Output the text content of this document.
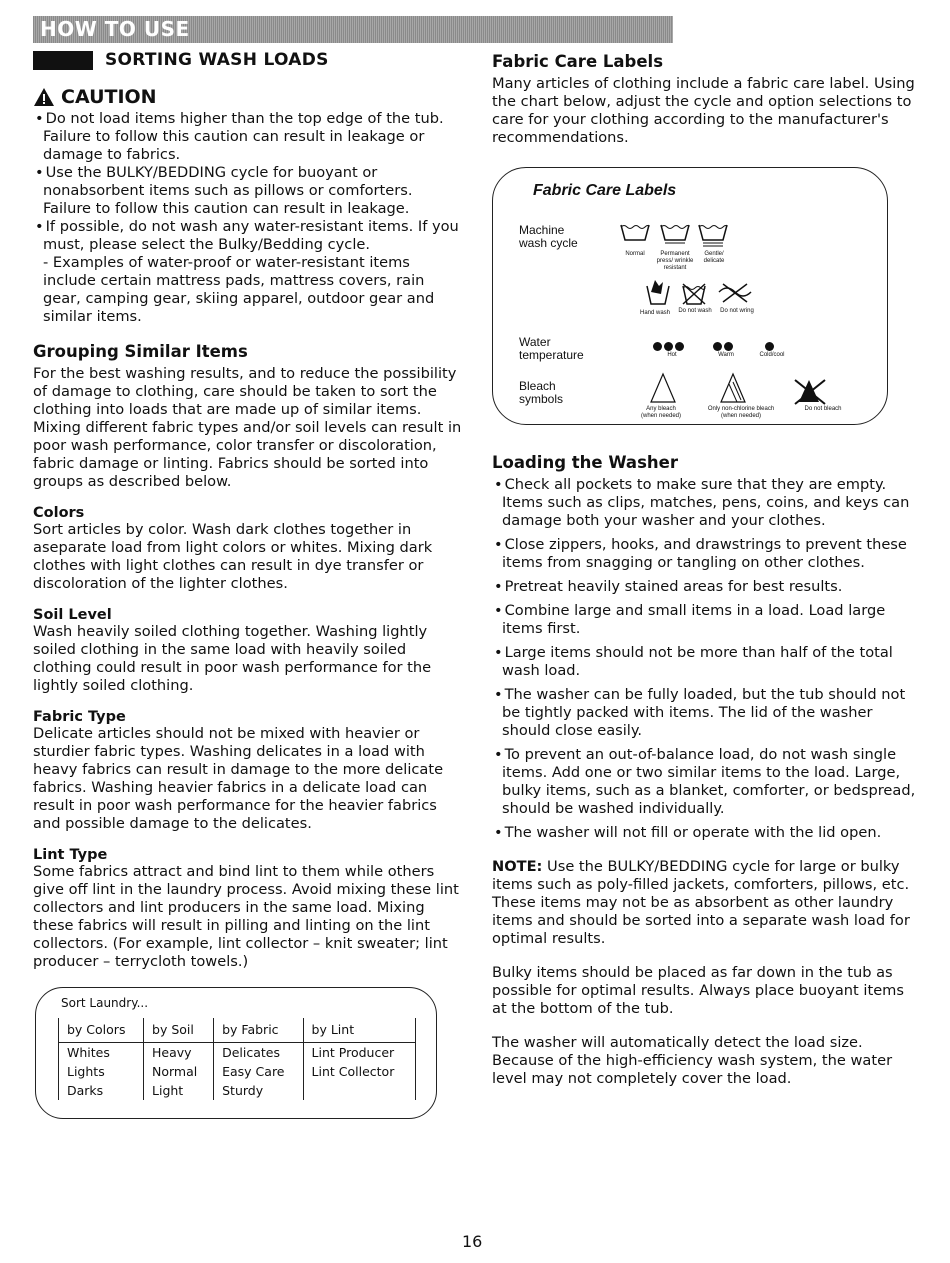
HOW TO USE
SORTING WASH LOADS
CAUTION
• Do not load items higher than the top edge of the tub. Failure to follow this caution can result in leakage or damage to fabrics.
• Use the BULKY/BEDDING cycle for buoyant or nonabsorbent items such as pillows or comforters. Failure to follow this caution can result in leakage.
• If possible, do not wash any water-resistant items. If you must, please select the Bulky/Bedding cycle.
- Examples of water-proof or water-resistant items include certain mattress pads, mattress covers, rain gear, camping gear, skiing apparel, outdoor gear and similar items.
Grouping Similar Items

For the best washing results, and to reduce the possibility of damage to clothing, care should be taken to sort the clothing into loads that are made up of similar items. Mixing different fabric types and/or soil levels can result in poor wash performance, color transfer or discoloration, fabric damage or linting. Fabrics should be sorted into groups as described below.

Colors

Sort articles by color. Wash dark clothes together in aseparate load from light colors or whites. Mixing dark clothes with light clothes can result in dye transfer or discoloration of the lighter clothes.

Soil Level

Wash heavily soiled clothing together. Washing lightly soiled clothing in the same load with heavily soiled clothing could result in poor wash performance for the lightly soiled clothing.

Fabric Type

Delicate articles should not be mixed with heavier or sturdier fabric types. Washing delicates in a load with heavy fabrics can result in damage to the more delicate fabrics. Washing heavier fabrics in a delicate load can result in poor wash performance for the heavier fabrics and possible damage to the delicates.

Lint Type

Some fabrics attract and bind lint to them while others give off lint in the laundry process. Avoid mixing these lint collectors and lint producers in the same load. Mixing these fabrics will result in pilling and linting on the lint collectors. (For example, lint collector – knit sweater; lint producer – terrycloth towels.)

Sort Laundry...
by Colors	by Soil	by Fabric	by Lint
Whites	Heavy	Delicates	Lint Producer
Lights	Normal	Easy Care	Lint Collector
Darks	Light	Sturdy	
Fabric Care Labels

Many articles of clothing include a fabric care label. Using the chart below, adjust the cycle and option selections to care for your clothing according to the manufacturer's recommendations.

Fabric Care Labels
Machine wash cycle
Normal	Permanent press/ wrinkle resistant
Gentle/ delicate
Hand wash	Do not wash	Do not wring
Water temperature	Hot	Warm	Cold/cool
Bleach symbols
Any bleach (when needed)
Only non-chlorine bleach (when needed)
Do not bleach
Loading the Washer
• Check all pockets to make sure that they are empty. Items such as clips, matches, pens, coins, and keys can damage both your washer and your clothes.
• Close zippers, hooks, and drawstrings to prevent these items from snagging or tangling on other clothes.
• Pretreat heavily stained areas for best results.
• Combine large and small items in a load. Load large items first.
• Large items should not be more than half of the total wash load.
• The washer can be fully loaded, but the tub should not be tightly packed with items. The lid of the washer should close easily.
• To prevent an out-of-balance load, do not wash single items. Add one or two similar items to the load. Large, bulky items, such as a blanket, comforter, or bedspread, should be washed individually.
• The washer will not fill or operate with the lid open.

NOTE: Use the BULKY/BEDDING cycle for large or bulky items such as poly-filled jackets, comforters, pillows, etc. These items may not be as absorbent as other laundry items and should be sorted into a separate wash load for optimal results.

Bulky items should be placed as far down in the tub as possible for optimal results. Always place buoyant items at the bottom of the tub.

The washer will automatically detect the load size. Because of the high-efficiency wash system, the water level may not completely cover the load.

16
